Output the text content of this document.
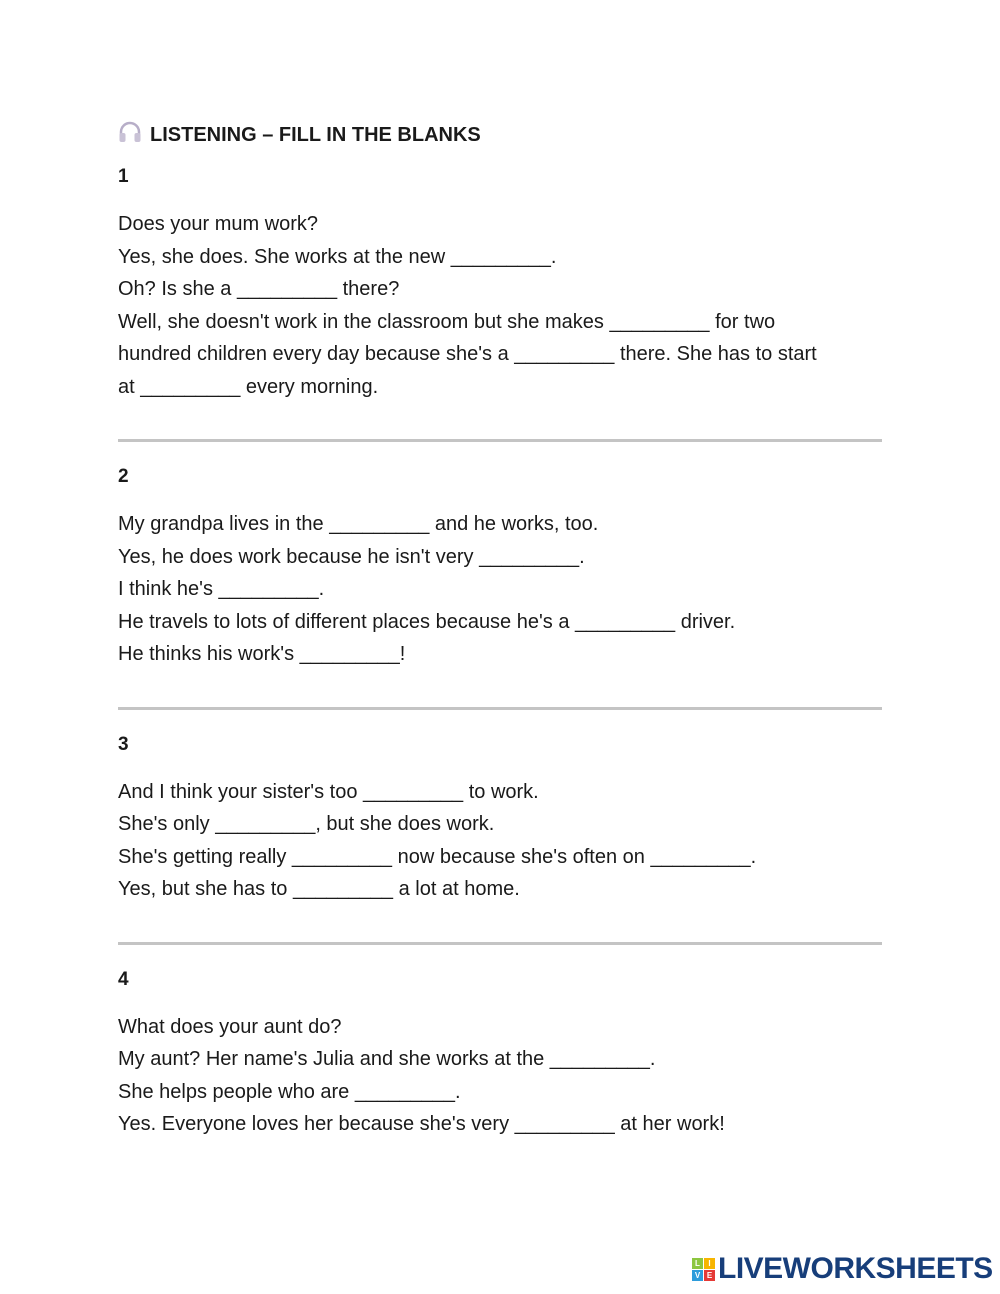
LISTENING – FILL IN THE BLANKS
1
Does your mum work?
Yes, she does. She works at the new _________.
Oh? Is she a _________ there?
Well, she doesn't work in the classroom but she makes _________ for two
hundred children every day because she's a _________ there. She has to start
at _________ every morning.
2
My grandpa lives in the _________ and he works, too.
Yes, he does work because he isn't very _________.
I think he's _________.
He travels to lots of different places because he's a _________ driver.
He thinks his work's _________!
3
And I think your sister's too _________ to work.
She's only _________, but she does work.
She's getting really _________ now because she's often on _________.
Yes, but she has to _________ a lot at home.
4
What does your aunt do?
My aunt? Her name's Julia and she works at the _________.
She helps people who are _________.
Yes. Everyone loves her because she's very _________ at her work!
L	I
V E LIVEWORKSHEETS
